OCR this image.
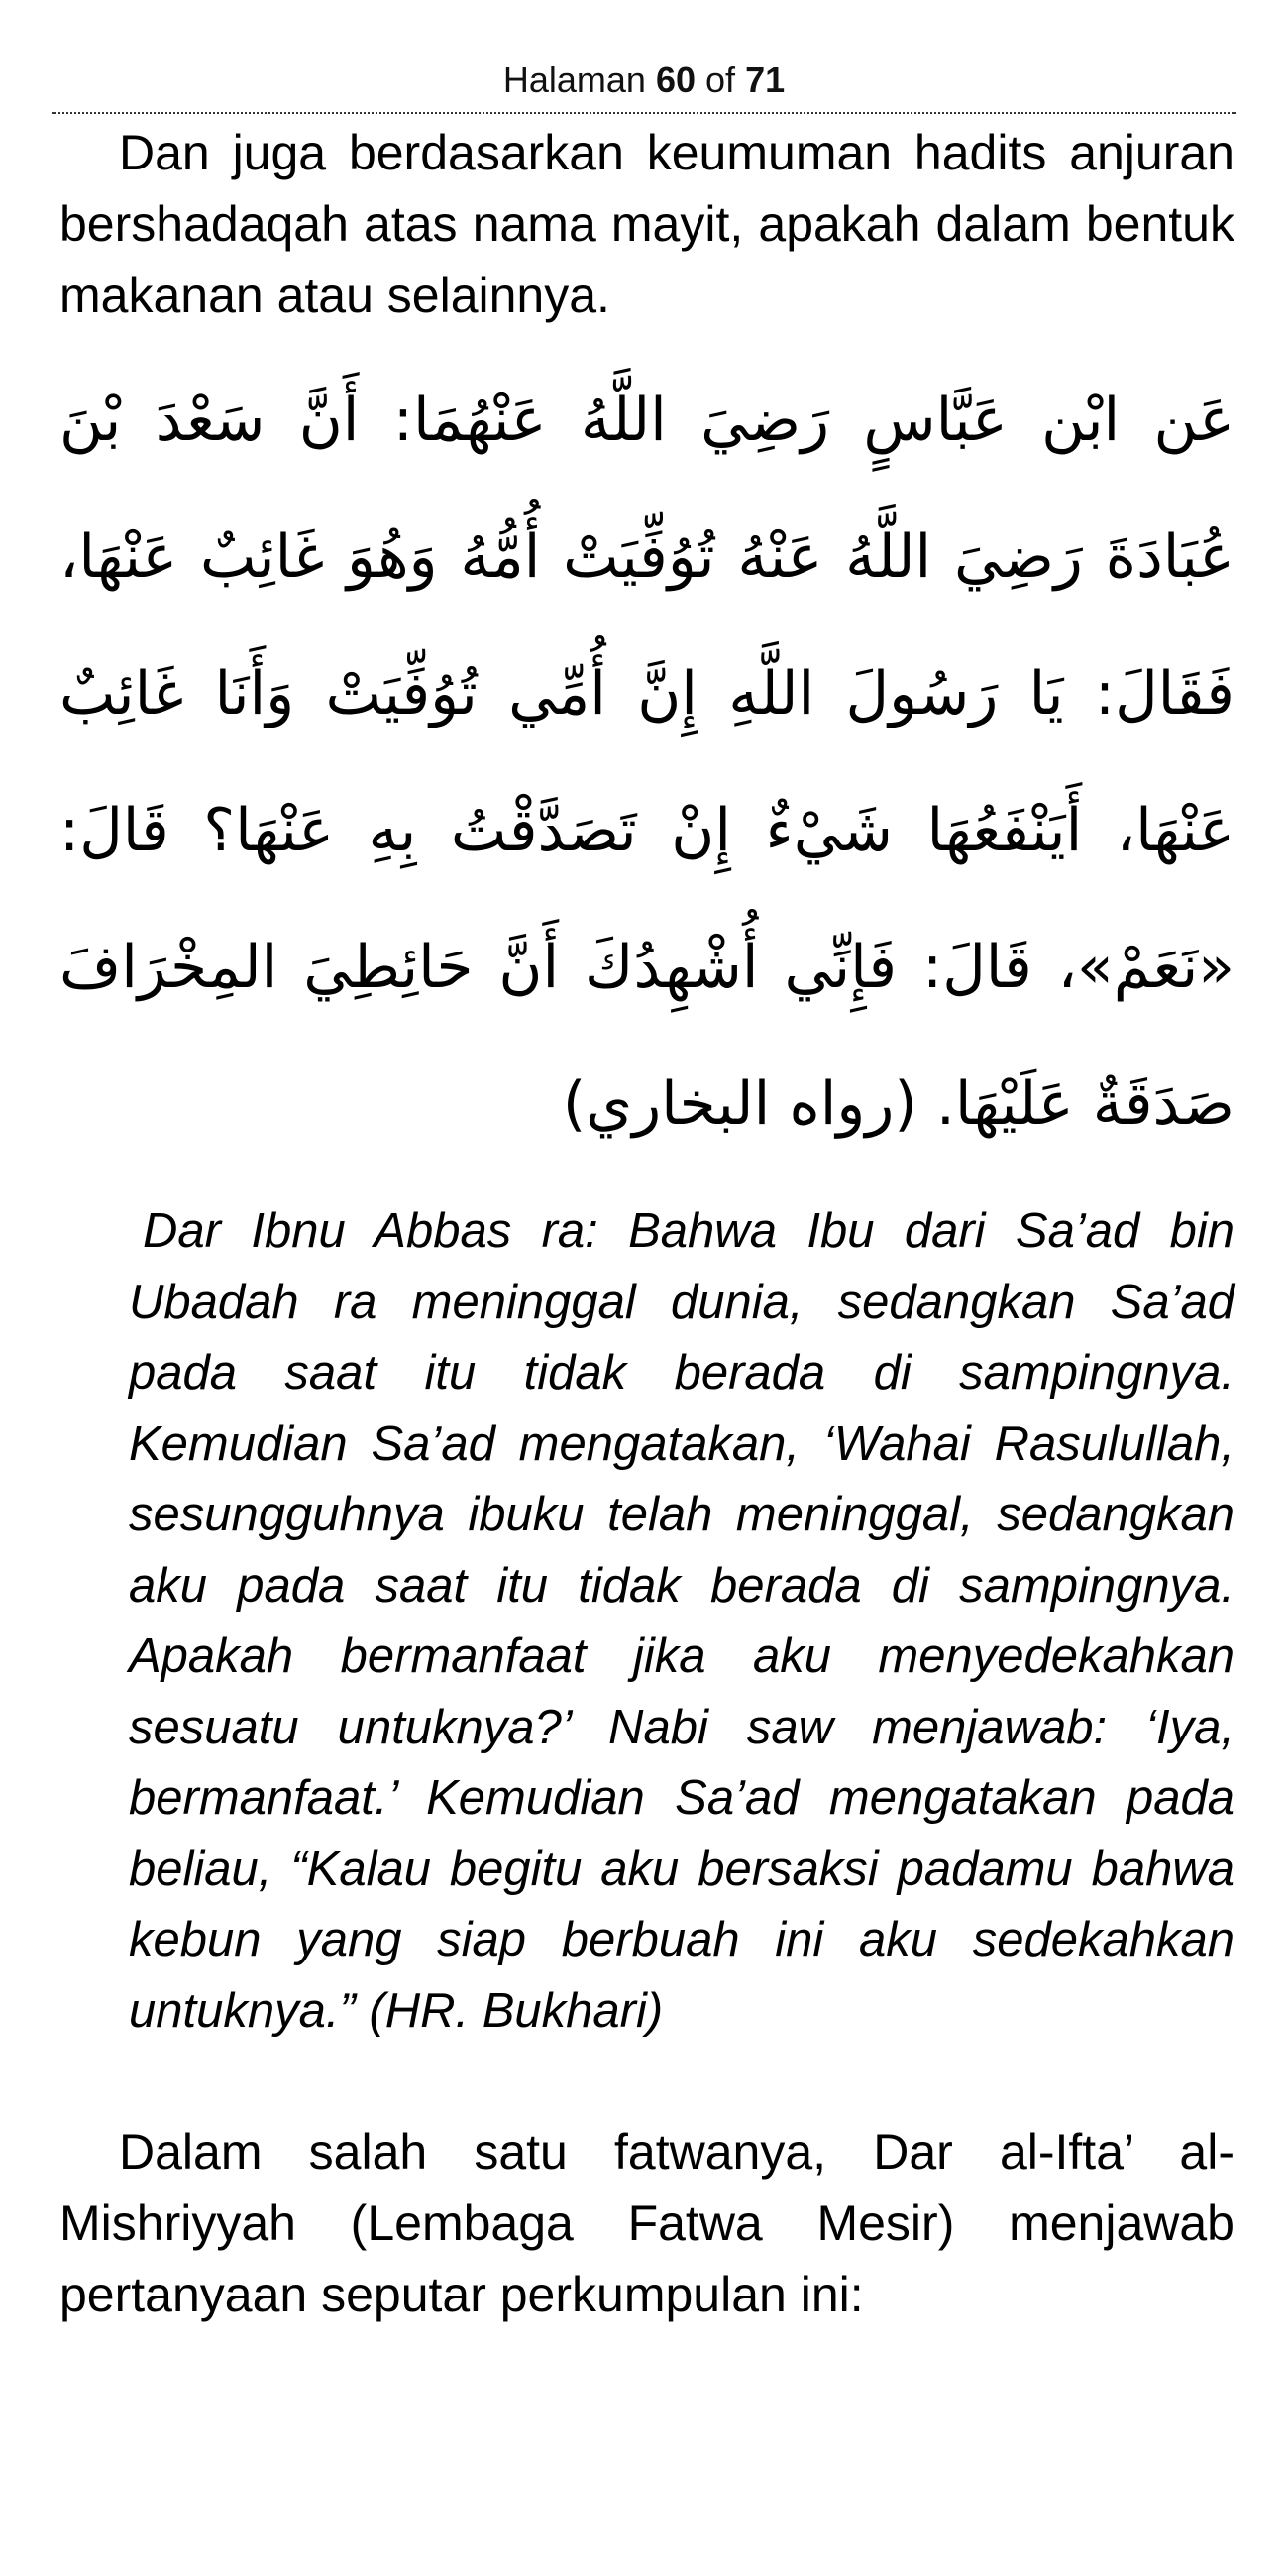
Halaman 60 of 71

Dan juga berdasarkan keumuman hadits anjuran bershadaqah atas nama mayit, apakah dalam bentuk makanan atau selainnya.

عَن ابْن عَبَّاسٍ رَضِيَ اللَّهُ عَنْهُمَا: أَنَّ سَعْدَ بْنَ عُبَادَةَ رَضِيَ اللَّهُ عَنْهُ تُوُفِّيَتْ أُمُّهُ وَهُوَ غَائِبٌ عَنْهَا، فَقَالَ: يَا رَسُولَ اللَّهِ إِنَّ أُمِّي تُوُفِّيَتْ وَأَنَا غَائِبٌ عَنْهَا، أَيَنْفَعُهَا شَيْءٌ إِنْ تَصَدَّقْتُ بِهِ عَنْهَا؟ قَالَ: «نَعَمْ»، قَالَ: فَإِنِّي أُشْهِدُكَ أَنَّ حَائِطِيَ المِخْرَافَ صَدَقَةٌ عَلَيْهَا. (رواه البخاري)

Dar Ibnu Abbas ra: Bahwa Ibu dari Sa’ad bin Ubadah ra meninggal dunia, sedangkan Sa’ad pada saat itu tidak berada di sampingnya. Kemudian Sa’ad mengatakan, ‘Wahai Rasulullah, sesungguhnya ibuku telah meninggal, sedangkan aku pada saat itu tidak berada di sampingnya. Apakah bermanfaat jika aku menyedekahkan sesuatu untuknya?’ Nabi saw menjawab: ‘Iya, bermanfaat.’ Kemudian Sa’ad mengatakan pada beliau, “Kalau begitu aku bersaksi padamu bahwa kebun yang siap berbuah ini aku sedekahkan untuknya.” (HR. Bukhari)

Dalam salah satu fatwanya, Dar al-Ifta’ al-Mishriyyah (Lembaga Fatwa Mesir) menjawab pertanyaan seputar perkumpulan ini:
